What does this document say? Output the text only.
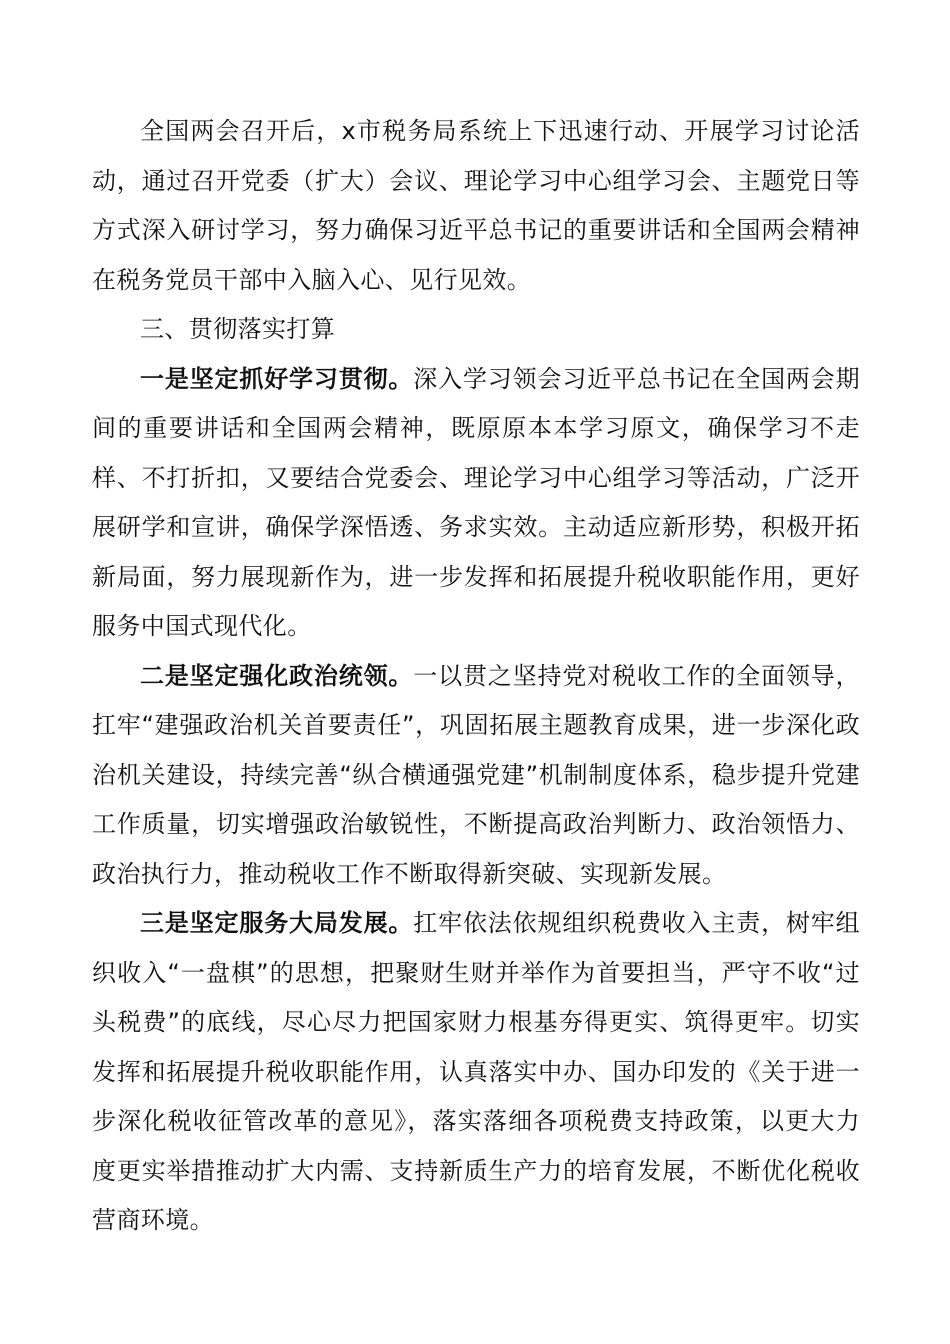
全国两会召开后，x市税务局系统上下迅速行动、开展学习讨论活动，通过召开党委（扩大）会议、理论学习中心组学习会、主题党日等方式深入研讨学习，努力确保习近平总书记的重要讲话和全国两会精神在税务党员干部中入脑入心、见行见效。

三、贯彻落实打算

一是坚定抓好学习贯彻。深入学习领会习近平总书记在全国两会期间的重要讲话和全国两会精神，既原原本本学习原文，确保学习不走样、不打折扣，又要结合党委会、理论学习中心组学习等活动，广泛开展研学和宣讲，确保学深悟透、务求实效。主动适应新形势，积极开拓新局面，努力展现新作为，进一步发挥和拓展提升税收职能作用，更好服务中国式现代化。

二是坚定强化政治统领。一以贯之坚持党对税收工作的全面领导，扛牢“建强政治机关首要责任”，巩固拓展主题教育成果，进一步深化政治机关建设，持续完善“纵合横通强党建”机制制度体系，稳步提升党建工作质量，切实增强政治敏锐性，不断提高政治判断力、政治领悟力、政治执行力，推动税收工作不断取得新突破、实现新发展。

三是坚定服务大局发展。扛牢依法依规组织税费收入主责，树牢组织收入“一盘棋”的思想，把聚财生财并举作为首要担当，严守不收“过头税费”的底线，尽心尽力把国家财力根基夯得更实、筑得更牢。切实发挥和拓展提升税收职能作用，认真落实中办、国办印发的《关于进一步深化税收征管改革的意见》，落实落细各项税费支持政策，以更大力度更实举措推动扩大内需、支持新质生产力的培育发展，不断优化税收营商环境。
